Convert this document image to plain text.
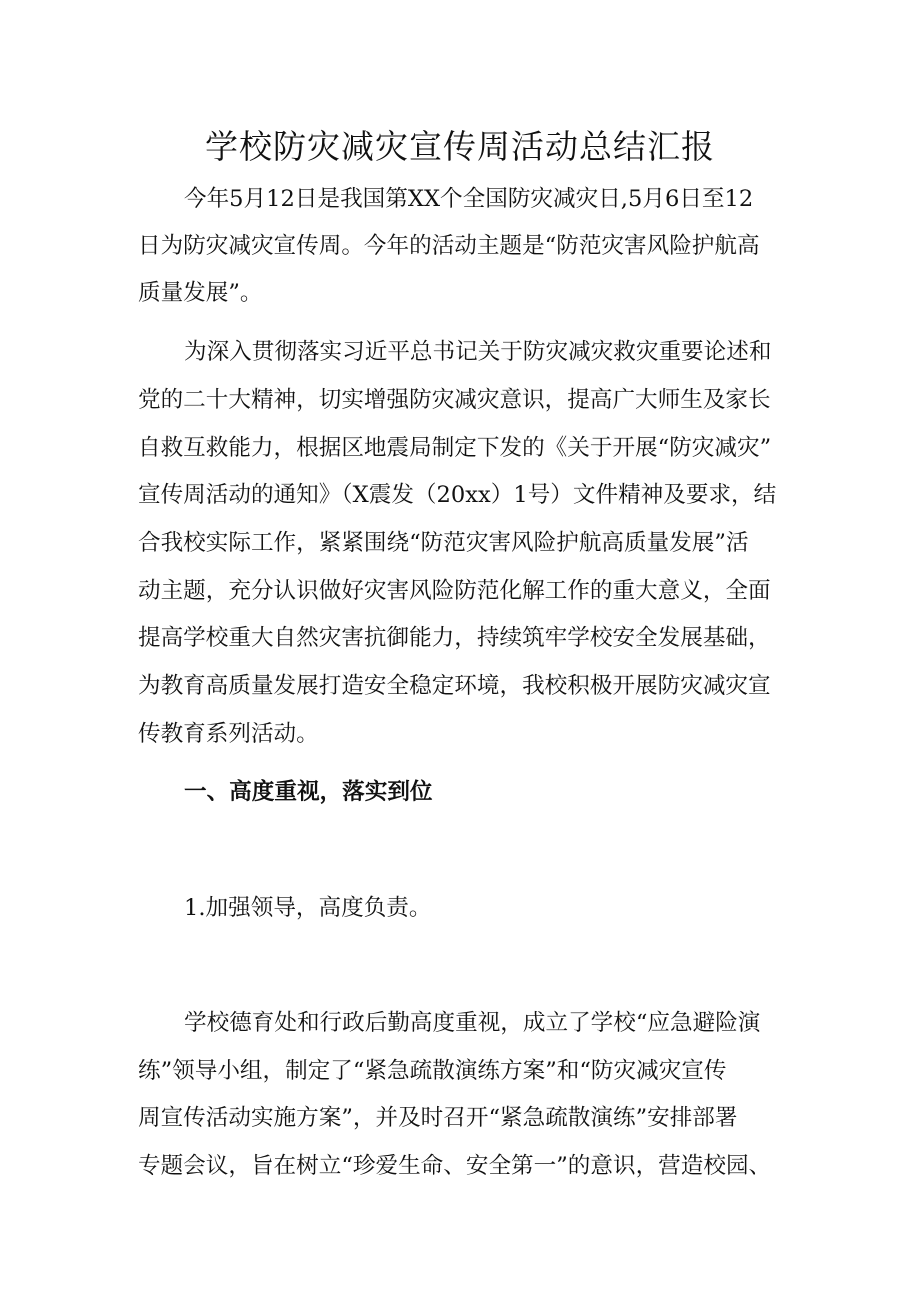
学校防灾减灾宣传周活动总结汇报
今年5月12日是我国第XX个全国防灾减灾日,5月6日至12
日为防灾减灾宣传周。今年的活动主题是“防范灾害风险护航高
质量发展”。
为深入贯彻落实习近平总书记关于防灾减灾救灾重要论述和
党的二十大精神，切实增强防灾减灾意识，提高广大师生及家长
自救互救能力，根据区地震局制定下发的《关于开展“防灾减灾”
宣传周活动的通知》（X震发（20xx）1号）文件精神及要求，结
合我校实际工作，紧紧围绕“防范灾害风险护航高质量发展”活
动主题，充分认识做好灾害风险防范化解工作的重大意义，全面
提高学校重大自然灾害抗御能力，持续筑牢学校安全发展基础，
为教育高质量发展打造安全稳定环境，我校积极开展防灾减灾宣
传教育系列活动。
一、高度重视，落实到位
1.加强领导，高度负责。
学校德育处和行政后勤高度重视，成立了学校“应急避险演
练”领导小组，制定了“紧急疏散演练方案”和“防灾减灾宣传
周宣传活动实施方案”，并及时召开“紧急疏散演练”安排部署
专题会议，旨在树立“珍爱生命、安全第一”的意识，营造校园、
